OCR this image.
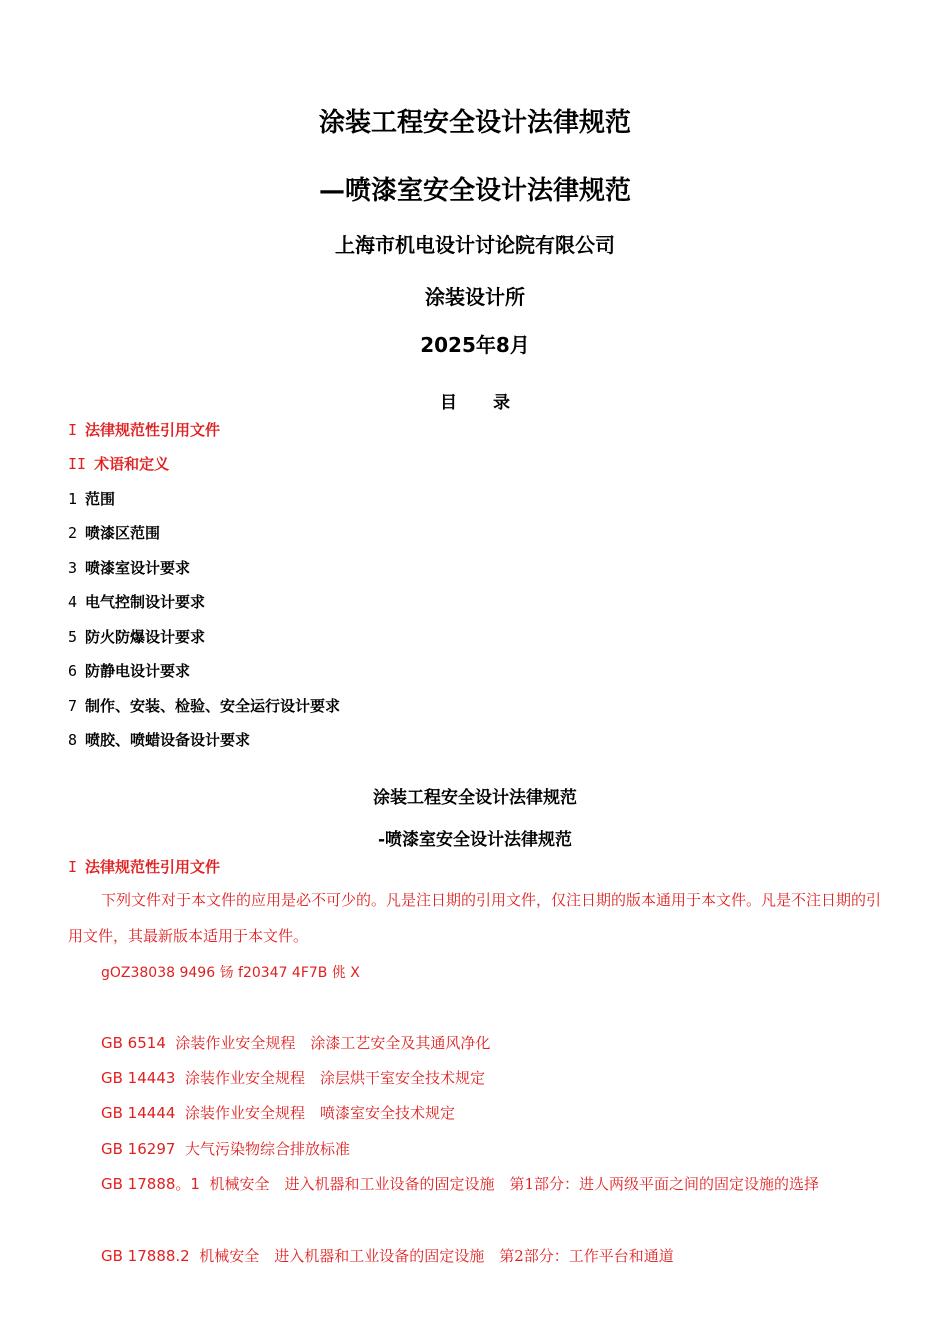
涂装工程安全设计法律规范
—喷漆室安全设计法律规范
上海市机电设计讨论院有限公司
涂装设计所
2025年8月
目 录
I 法律规范性引用文件
II 术语和定义
1 范围
2 喷漆区范围
3 喷漆室设计要求
4 电气控制设计要求
5 防火防爆设计要求
6 防静电设计要求
7 制作、安装、检验、安全运行设计要求
8 喷胶、喷蜡设备设计要求
涂装工程安全设计法律规范
-喷漆室安全设计法律规范
I 法律规范性引用文件
下列文件对于本文件的应用是必不可少的。凡是注日期的引用文件，仅注日期的版本通用于本文件。凡是不注日期的引用文件，其最新版本适用于本文件。
gOZ38038 9496 钖 f20347 4F7B 佻 X
GB 6514 涂装作业安全规程　涂漆工艺安全及其通风净化
GB 14443 涂装作业安全规程　涂层烘干室安全技术规定
GB 14444 涂装作业安全规程　喷漆室安全技术规定
GB 16297 大气污染物综合排放标准
GB 17888。1 机械安全　进入机器和工业设备的固定设施　第1部分：进人两级平面之间的固定设施的选择
GB 17888.2 机械安全　进入机器和工业设备的固定设施　第2部分：工作平台和通道
